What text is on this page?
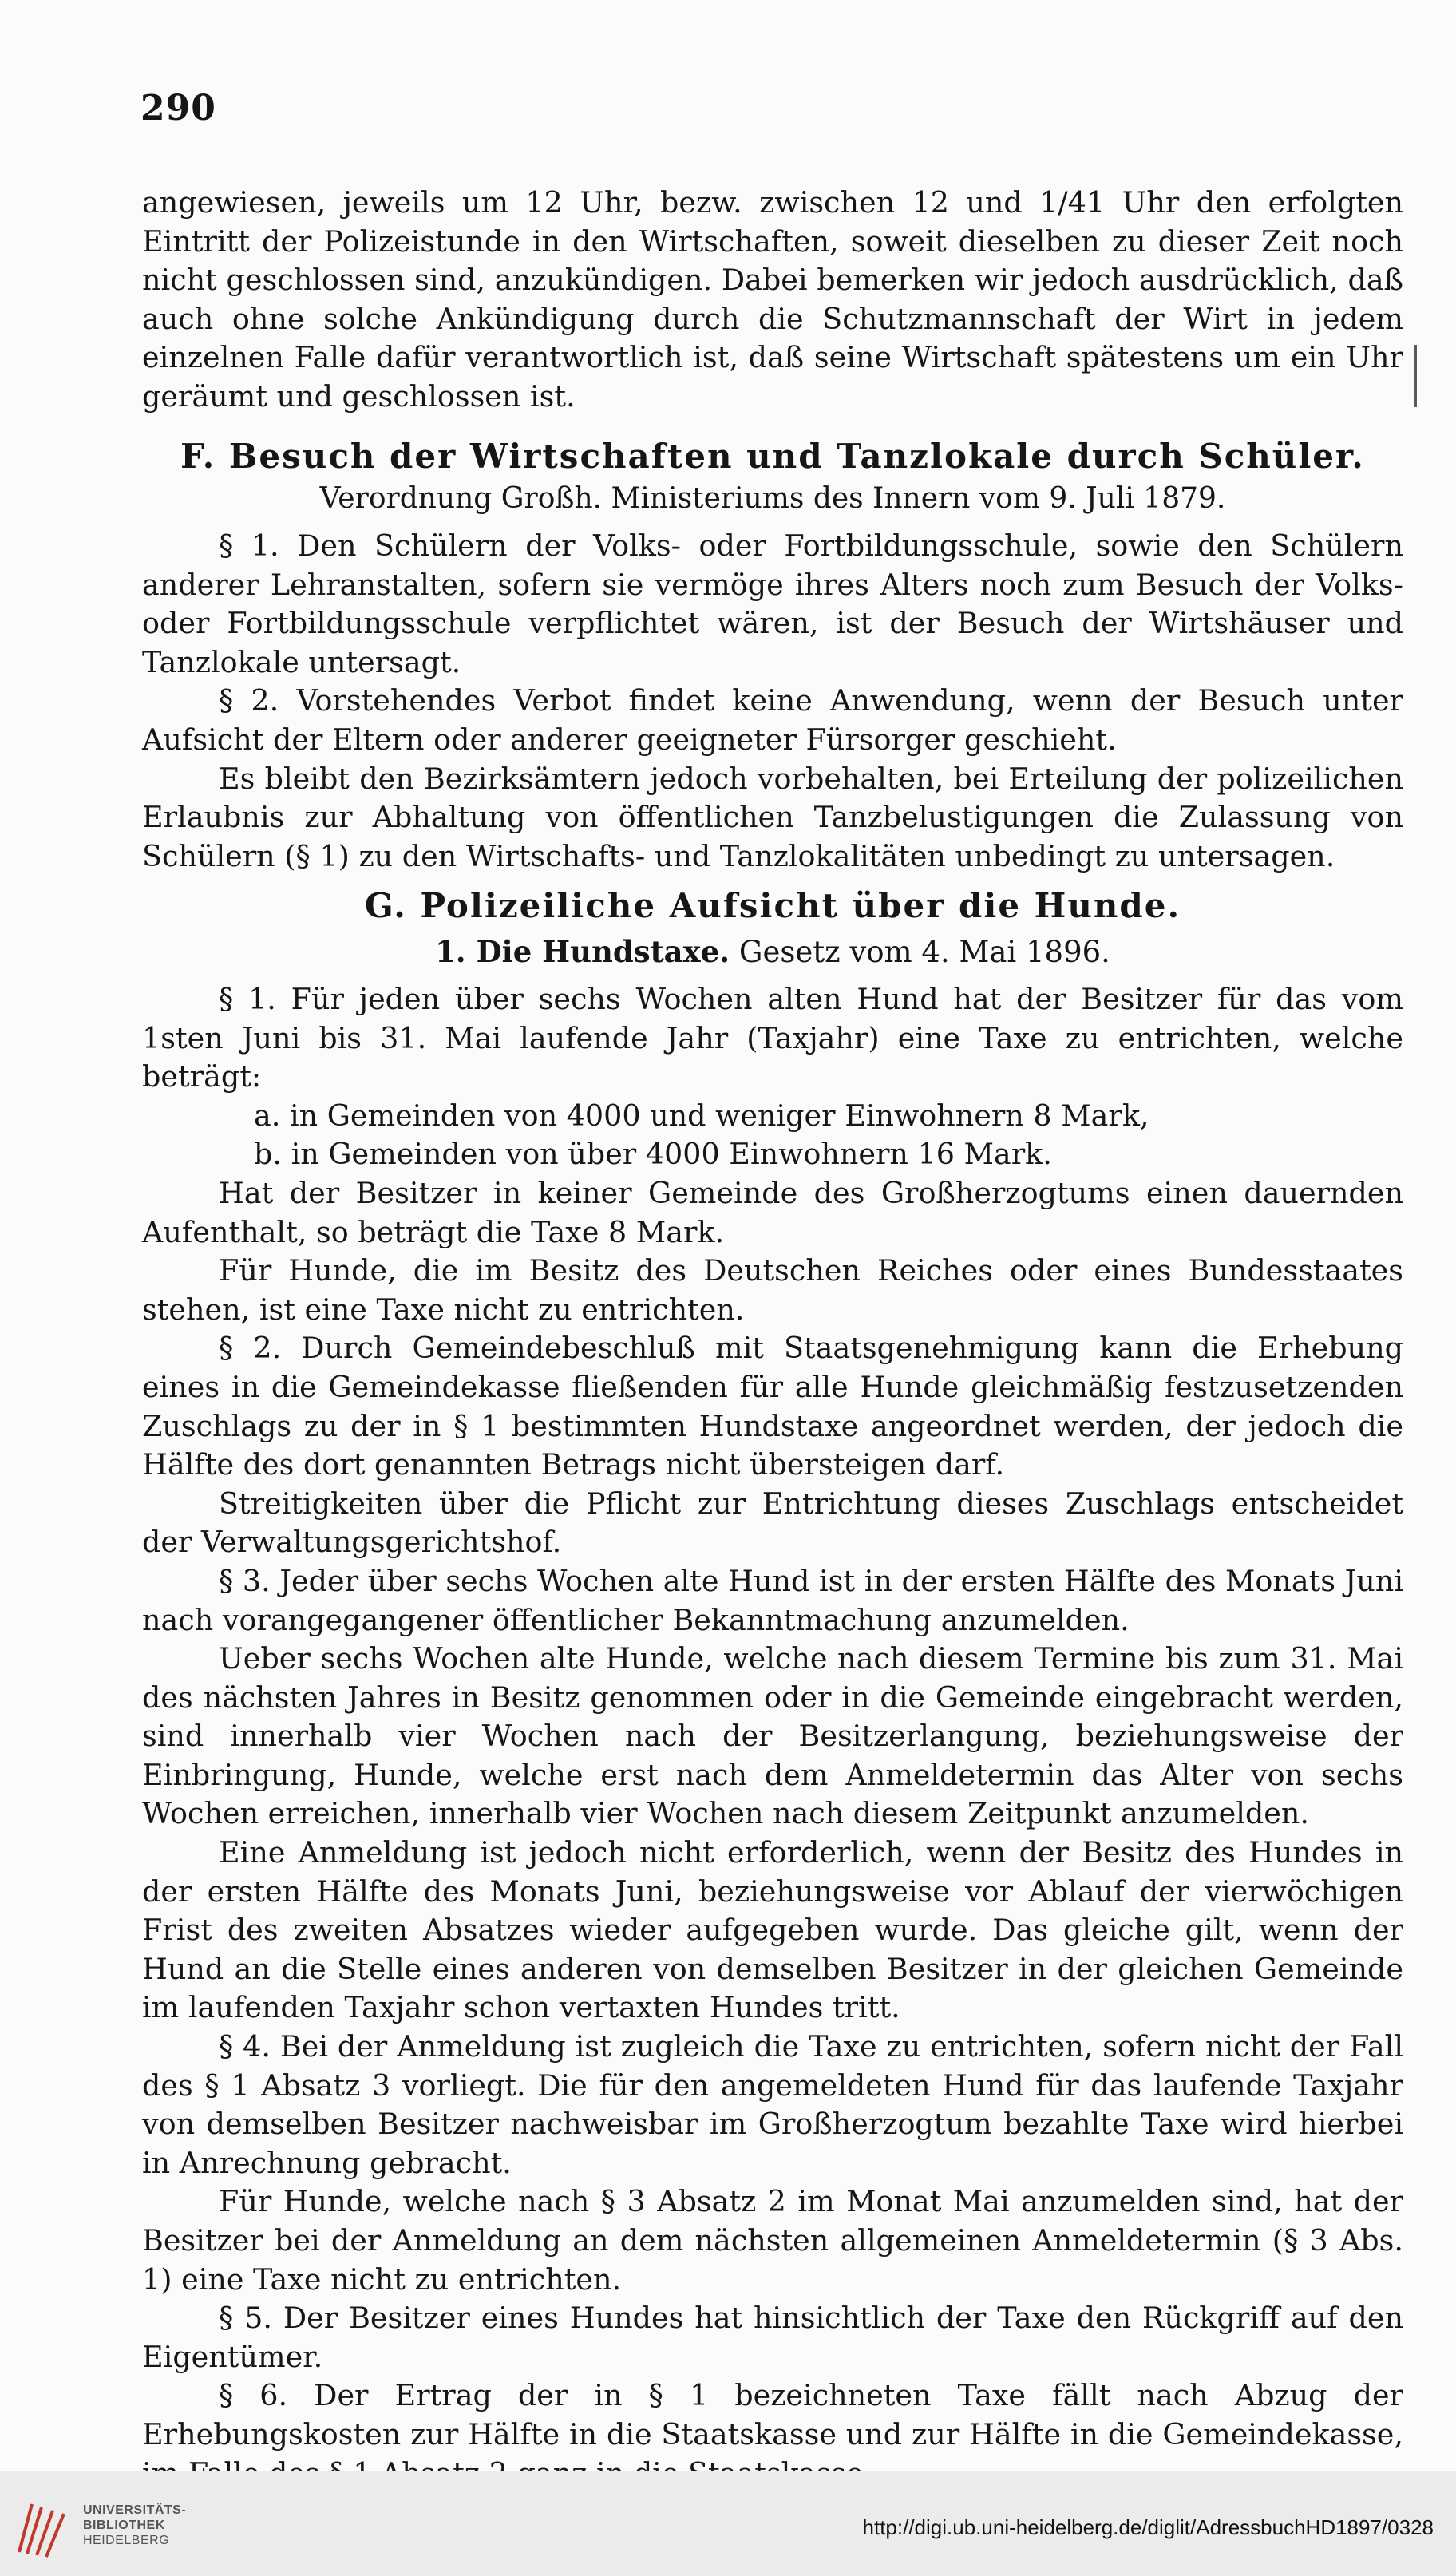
290

angewiesen, jeweils um 12 Uhr, bezw. zwischen 12 und 1/41 Uhr den erfolgten Eintritt der Polizeistunde in den Wirtschaften, soweit dieselben zu dieser Zeit noch nicht geschlossen sind, anzukündigen. Dabei bemerken wir jedoch ausdrücklich, daß auch ohne solche Ankündigung durch die Schutzmannschaft der Wirt in jedem einzelnen Falle dafür verantwortlich ist, daß seine Wirtschaft spätestens um ein Uhr geräumt und geschlossen ist.

F. Besuch der Wirtschaften und Tanzlokale durch Schüler.
Verordnung Großh. Ministeriums des Innern vom 9. Juli 1879.

§ 1. Den Schülern der Volks- oder Fortbildungsschule, sowie den Schülern anderer Lehranstalten, sofern sie vermöge ihres Alters noch zum Besuch der Volks- oder Fortbildungsschule verpflichtet wären, ist der Besuch der Wirtshäuser und Tanzlokale untersagt.

§ 2. Vorstehendes Verbot findet keine Anwendung, wenn der Besuch unter Aufsicht der Eltern oder anderer geeigneter Fürsorger geschieht.

Es bleibt den Bezirksämtern jedoch vorbehalten, bei Erteilung der polizeilichen Erlaubnis zur Abhaltung von öffentlichen Tanzbelustigungen die Zulassung von Schülern (§ 1) zu den Wirtschafts- und Tanzlokalitäten unbedingt zu untersagen.

G. Polizeiliche Aufsicht über die Hunde.
1. Die Hundstaxe. Gesetz vom 4. Mai 1896.

§ 1. Für jeden über sechs Wochen alten Hund hat der Besitzer für das vom 1sten Juni bis 31. Mai laufende Jahr (Taxjahr) eine Taxe zu entrichten, welche beträgt:

a. in Gemeinden von 4000 und weniger Einwohnern 8 Mark,

b. in Gemeinden von über 4000 Einwohnern 16 Mark.

Hat der Besitzer in keiner Gemeinde des Großherzogtums einen dauernden Aufenthalt, so beträgt die Taxe 8 Mark.

Für Hunde, die im Besitz des Deutschen Reiches oder eines Bundesstaates stehen, ist eine Taxe nicht zu entrichten.

§ 2. Durch Gemeindebeschluß mit Staatsgenehmigung kann die Erhebung eines in die Gemeindekasse fließenden für alle Hunde gleichmäßig festzusetzenden Zuschlags zu der in § 1 bestimmten Hundstaxe angeordnet werden, der jedoch die Hälfte des dort genannten Betrags nicht übersteigen darf.

Streitigkeiten über die Pflicht zur Entrichtung dieses Zuschlags entscheidet der Verwaltungsgerichtshof.

§ 3. Jeder über sechs Wochen alte Hund ist in der ersten Hälfte des Monats Juni nach vorangegangener öffentlicher Bekanntmachung anzumelden.

Ueber sechs Wochen alte Hunde, welche nach diesem Termine bis zum 31. Mai des nächsten Jahres in Besitz genommen oder in die Gemeinde eingebracht werden, sind innerhalb vier Wochen nach der Besitzerlangung, beziehungsweise der Einbringung, Hunde, welche erst nach dem Anmeldetermin das Alter von sechs Wochen erreichen, innerhalb vier Wochen nach diesem Zeitpunkt anzumelden.

Eine Anmeldung ist jedoch nicht erforderlich, wenn der Besitz des Hundes in der ersten Hälfte des Monats Juni, beziehungsweise vor Ablauf der vierwöchigen Frist des zweiten Absatzes wieder aufgegeben wurde. Das gleiche gilt, wenn der Hund an die Stelle eines anderen von demselben Besitzer in der gleichen Gemeinde im laufenden Taxjahr schon vertaxten Hundes tritt.

§ 4. Bei der Anmeldung ist zugleich die Taxe zu entrichten, sofern nicht der Fall des § 1 Absatz 3 vorliegt. Die für den angemeldeten Hund für das laufende Taxjahr von demselben Besitzer nachweisbar im Großherzogtum bezahlte Taxe wird hierbei in Anrechnung gebracht.

Für Hunde, welche nach § 3 Absatz 2 im Monat Mai anzumelden sind, hat der Besitzer bei der Anmeldung an dem nächsten allgemeinen Anmeldetermin (§ 3 Abs. 1) eine Taxe nicht zu entrichten.

§ 5. Der Besitzer eines Hundes hat hinsichtlich der Taxe den Rückgriff auf den Eigentümer.

§ 6. Der Ertrag der in § 1 bezeichneten Taxe fällt nach Abzug der Erhebungskosten zur Hälfte in die Staatskasse und zur Hälfte in die Gemeindekasse,

UNIVERSITÄTS-
BIBLIOTHEK
HEIDELBERG
http://digi.ub.uni-heidelberg.de/diglit/AdressbuchHD1897/0328
